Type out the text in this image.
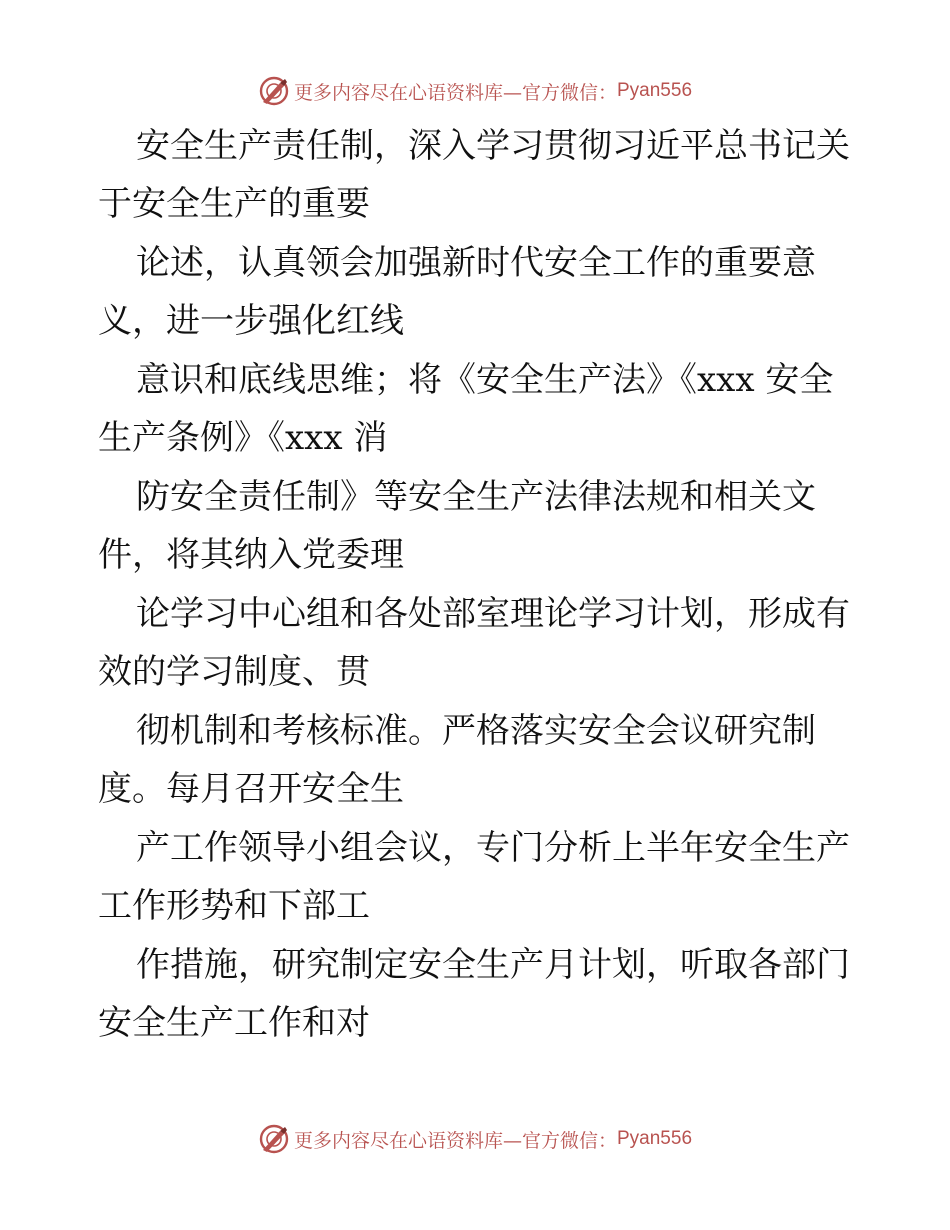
更多内容尽在心语资料库—官方微信： Pyan556
安全生产责任制，深入学习贯彻习近平总书记关
于安全生产的重要
论述，认真领会加强新时代安全工作的重要意
义，进一步强化红线
意识和底线思维；将《安全生产法》《xxx 安全
生产条例》《xxx 消
防安全责任制》等安全生产法律法规和相关文
件，将其纳入党委理
论学习中心组和各处部室理论学习计划，形成有
效的学习制度、贯
彻机制和考核标准。严格落实安全会议研究制
度。每月召开安全生
产工作领导小组会议，专门分析上半年安全生产
工作形势和下部工
作措施，研究制定安全生产月计划，听取各部门
安全生产工作和对
更多内容尽在心语资料库—官方微信： Pyan556
